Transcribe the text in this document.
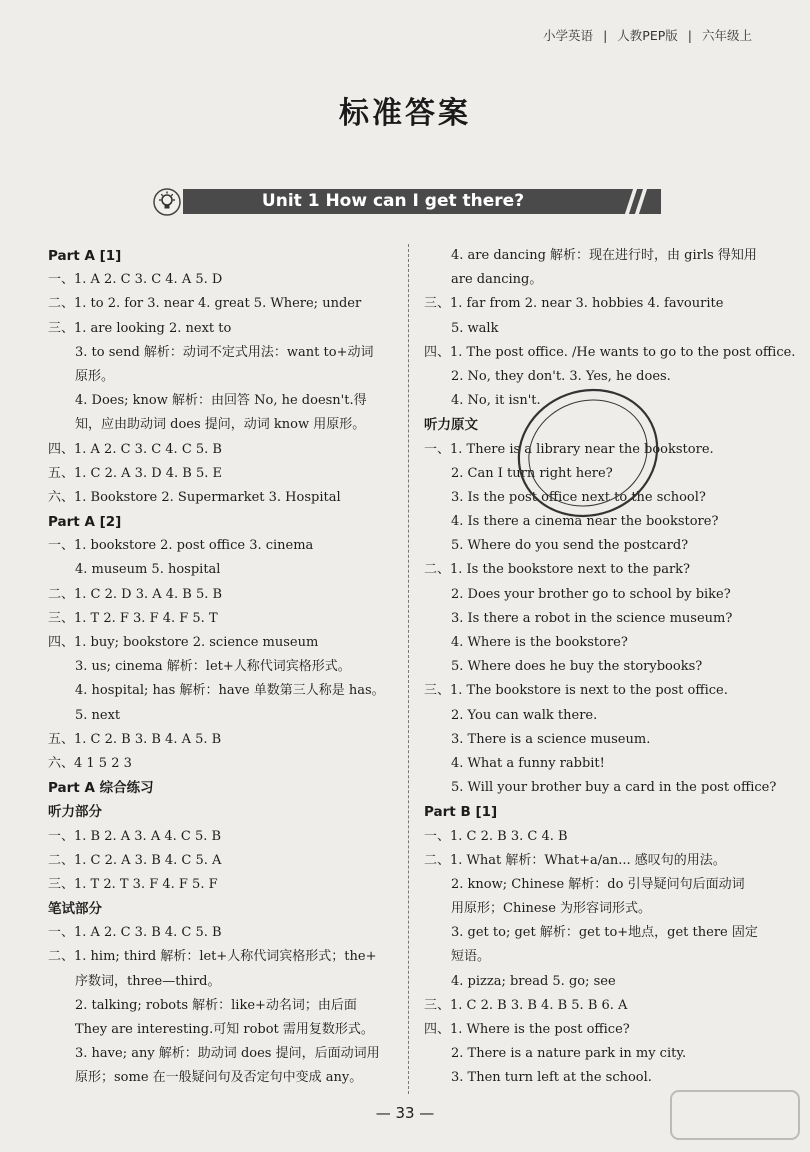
小学英语 | 人教PEP版 | 六年级上
标准答案
Unit 1 How can I get there?
Part A [1]
一、1. A 2. C 3. C 4. A 5. D
二、1. to 2. for 3. near 4. great 5. Where; under
三、1. are looking 2. next to
3. to send 解析：动词不定式用法：want to+动词
原形。
4. Does; know 解析：由回答 No, he doesn't.得
知，应由助动词 does 提问，动词 know 用原形。
四、1. A 2. C 3. C 4. C 5. B
五、1. C 2. A 3. D 4. B 5. E
六、1. Bookstore 2. Supermarket 3. Hospital
Part A [2]
一、1. bookstore 2. post office 3. cinema
4. museum 5. hospital
二、1. C 2. D 3. A 4. B 5. B
三、1. T 2. F 3. F 4. F 5. T
四、1. buy; bookstore 2. science museum
3. us; cinema 解析：let+人称代词宾格形式。
4. hospital; has 解析：have 单数第三人称是 has。
5. next
五、1. C 2. B 3. B 4. A 5. B
六、4 1 5 2 3
Part A 综合练习
听力部分
一、1. B 2. A 3. A 4. C 5. B
二、1. C 2. A 3. B 4. C 5. A
三、1. T 2. T 3. F 4. F 5. F
笔试部分
一、1. A 2. C 3. B 4. C 5. B
二、1. him; third 解析：let+人称代词宾格形式；the+
序数词，three—third。
2. talking; robots 解析：like+动名词；由后面
They are interesting.可知 robot 需用复数形式。
3. have; any 解析：助动词 does 提问，后面动词用
原形；some 在一般疑问句及否定句中变成 any。
4. are dancing 解析：现在进行时，由 girls 得知用
are dancing。
三、1. far from 2. near 3. hobbies 4. favourite
5. walk
四、1. The post office. /He wants to go to the post office.
2. No, they don't. 3. Yes, he does.
4. No, it isn't.
听力原文
一、1. There is a library near the bookstore.
2. Can I turn right here?
3. Is the post office next to the school?
4. Is there a cinema near the bookstore?
5. Where do you send the postcard?
二、1. Is the bookstore next to the park?
2. Does your brother go to school by bike?
3. Is there a robot in the science museum?
4. Where is the bookstore?
5. Where does he buy the storybooks?
三、1. The bookstore is next to the post office.
2. You can walk there.
3. There is a science museum.
4. What a funny rabbit!
5. Will your brother buy a card in the post office?
Part B [1]
一、1. C 2. B 3. C 4. B
二、1. What 解析：What+a/an... 感叹句的用法。
2. know; Chinese 解析：do 引导疑问句后面动词
用原形；Chinese 为形容词形式。
3. get to; get 解析：get to+地点，get there 固定
短语。
4. pizza; bread 5. go; see
三、1. C 2. B 3. B 4. B 5. B 6. A
四、1. Where is the post office?
2. There is a nature park in my city.
3. Then turn left at the school.
— 33 —
